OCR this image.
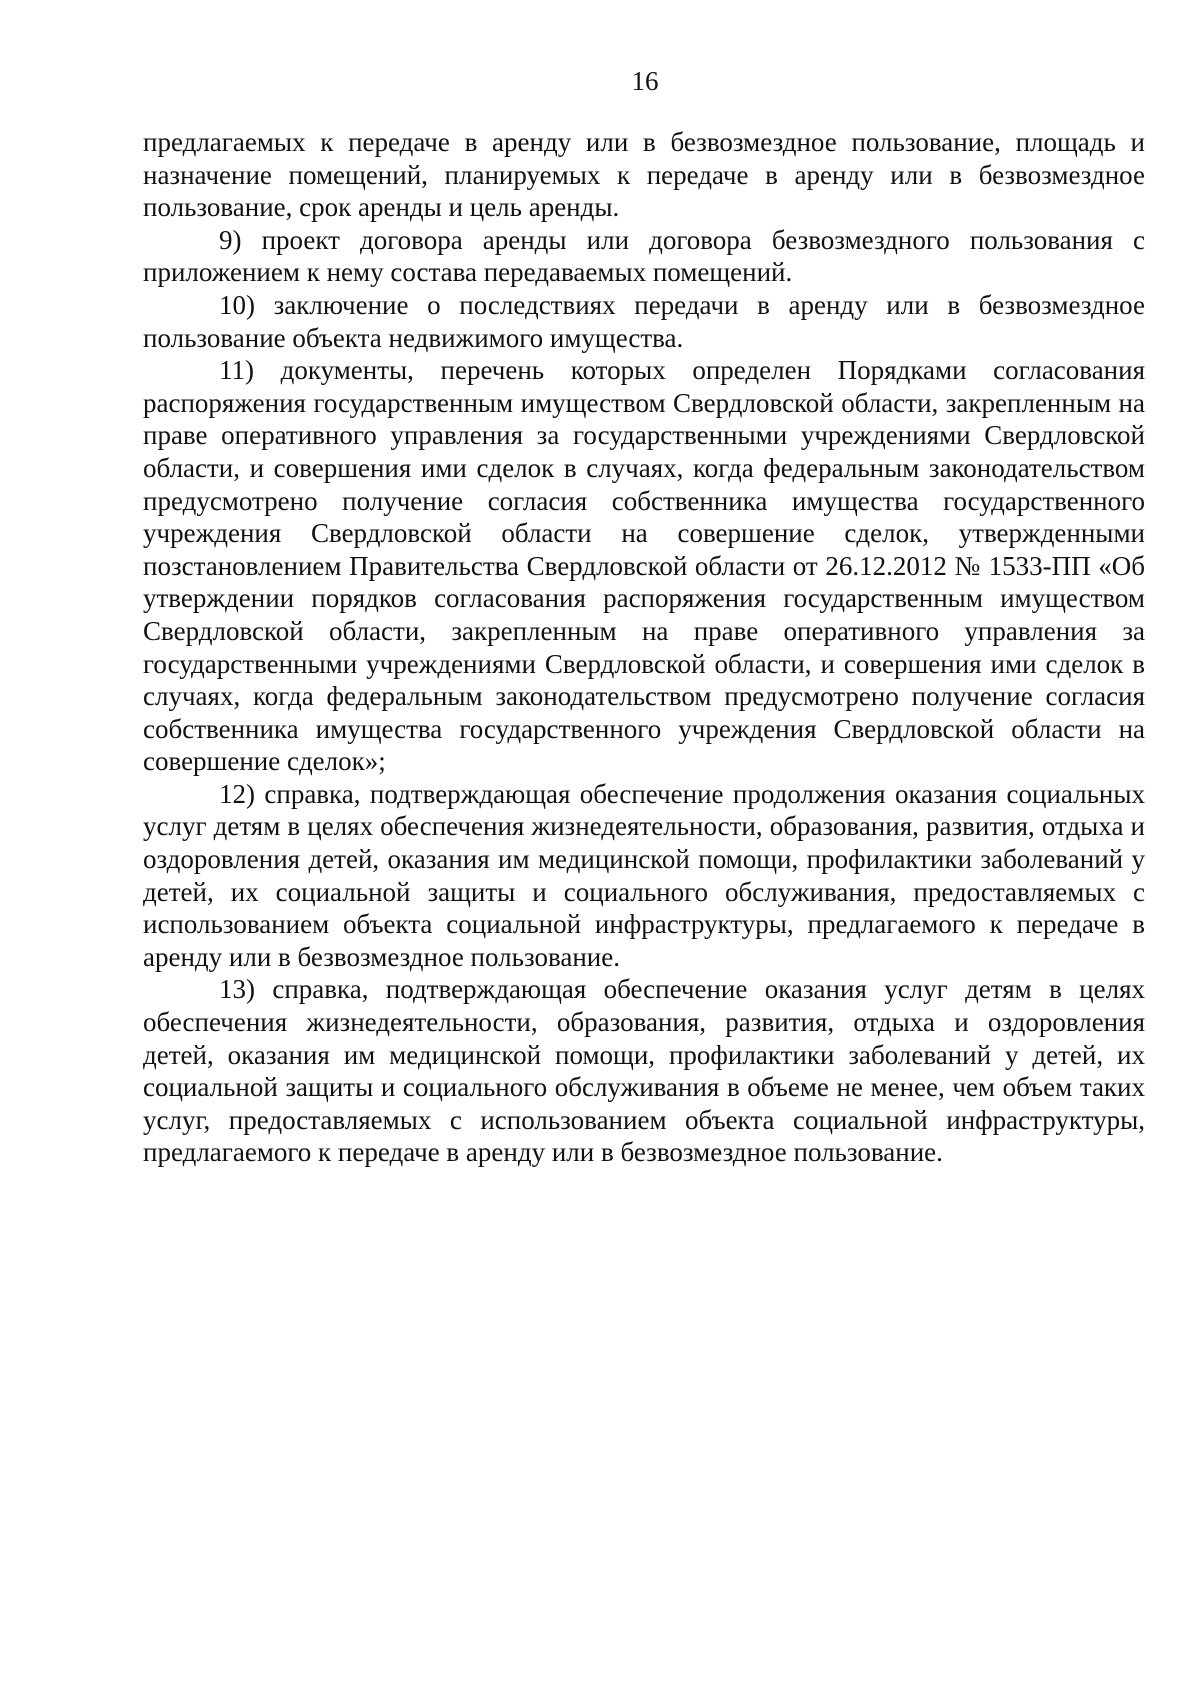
16

предлагаемых к передаче в аренду или в безвозмездное пользование, площадь и назначение помещений, планируемых к передаче в аренду или в безвозмездное пользование, срок аренды и цель аренды.

9) проект договора аренды или договора безвозмездного пользования с приложением к нему состава передаваемых помещений.

10) заключение о последствиях передачи в аренду или в безвозмездное пользование объекта недвижимого имущества.

11) документы, перечень которых определен Порядками согласования распоряжения государственным имуществом Свердловской области, закрепленным на праве оперативного управления за государственными учреждениями Свердловской области, и совершения ими сделок в случаях, когда федеральным законодательством предусмотрено получение согласия собственника имущества государственного учреждения Свердловской области на совершение сделок, утвержденными позстановлением Правительства Свердловской области от 26.12.2012 № 1533-ПП «Об утверждении порядков согласования распоряжения государственным имуществом Свердловской области, закрепленным на праве оперативного управления за государственными учреждениями Свердловской области, и совершения ими сделок в случаях, когда федеральным законодательством предусмотрено получение согласия собственника имущества государственного учреждения Свердловской области на совершение сделок»;

12) справка, подтверждающая обеспечение продолжения оказания социальных услуг детям в целях обеспечения жизнедеятельности, образования, развития, отдыха и оздоровления детей, оказания им медицинской помощи, профилактики заболеваний у детей, их социальной защиты и социального обслуживания, предоставляемых с использованием объекта социальной инфраструктуры, предлагаемого к передаче в аренду или в безвозмездное пользование.

13) справка, подтверждающая обеспечение оказания услуг детям в целях обеспечения жизнедеятельности, образования, развития, отдыха и оздоровления детей, оказания им медицинской помощи, профилактики заболеваний у детей, их социальной защиты и социального обслуживания в объеме не менее, чем объем таких услуг, предоставляемых с использованием объекта социальной инфраструктуры, предлагаемого к передаче в аренду или в безвозмездное пользование.
